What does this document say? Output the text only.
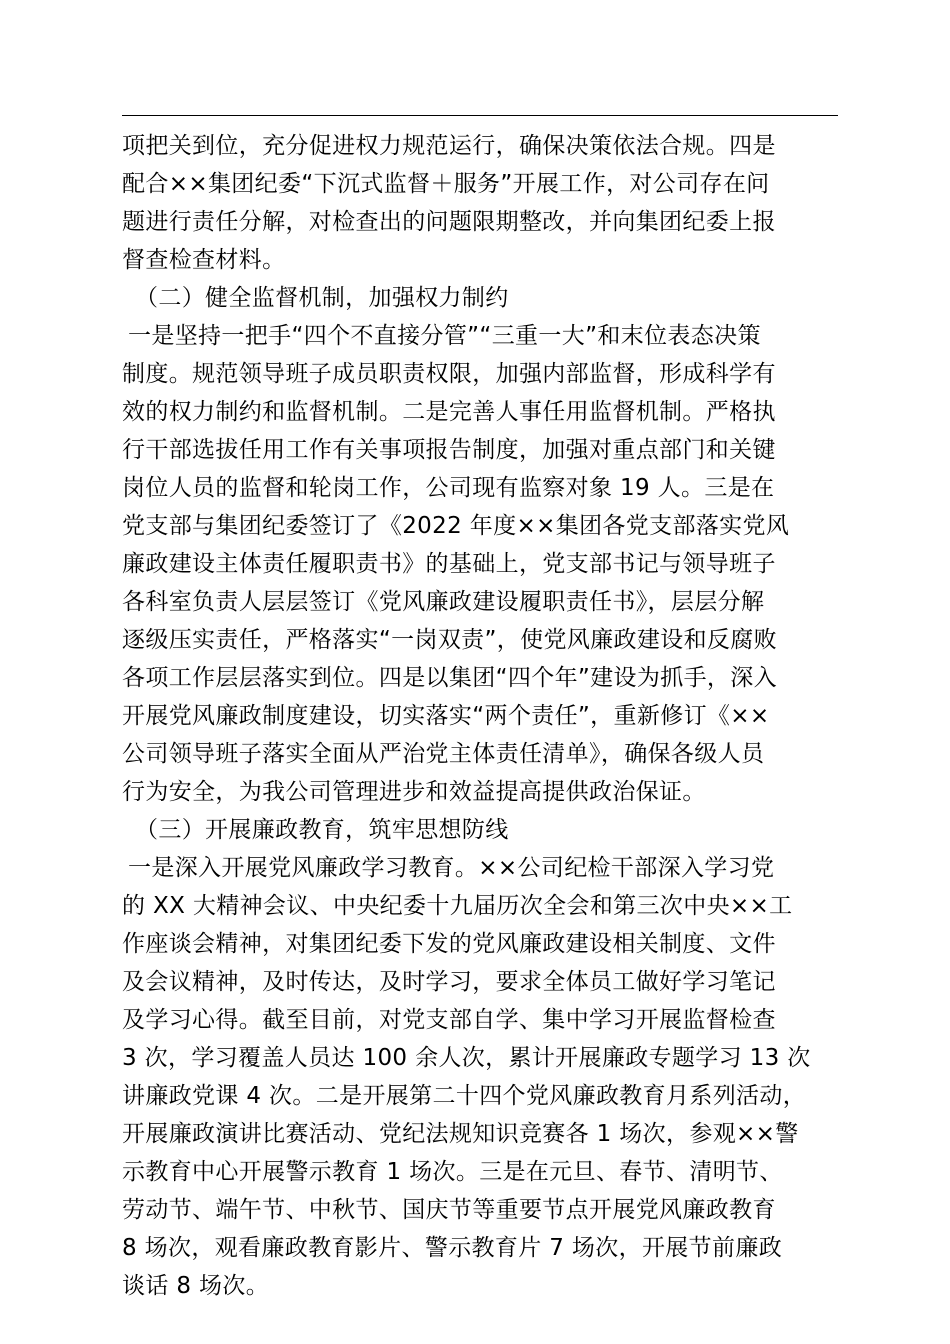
项把关到位，充分促进权力规范运行，确保决策依法合规。四是
配合××集团纪委“下沉式监督＋服务”开展工作，对公司存在问
题进行责任分解，对检查出的问题限期整改，并向集团纪委上报
督查检查材料。
（二）健全监督机制，加强权力制约
一是坚持一把手“四个不直接分管”“三重一大”和末位表态决策
制度。规范领导班子成员职责权限，加强内部监督，形成科学有
效的权力制约和监督机制。二是完善人事任用监督机制。严格执
行干部选拔任用工作有关事项报告制度，加强对重点部门和关键
岗位人员的监督和轮岗工作，公司现有监察对象 19 人。三是在
党支部与集团纪委签订了《2022 年度××集团各党支部落实党风
廉政建设主体责任履职责书》的基础上，党支部书记与领导班子
各科室负责人层层签订《党风廉政建设履职责任书》，层层分解
逐级压实责任，严格落实“一岗双责”，使党风廉政建设和反腐败
各项工作层层落实到位。四是以集团“四个年”建设为抓手，深入
开展党风廉政制度建设，切实落实“两个责任”，重新修订《××
公司领导班子落实全面从严治党主体责任清单》，确保各级人员
行为安全，为我公司管理进步和效益提高提供政治保证。
（三）开展廉政教育，筑牢思想防线
一是深入开展党风廉政学习教育。××公司纪检干部深入学习党
的 XX 大精神会议、中央纪委十九届历次全会和第三次中央××工
作座谈会精神，对集团纪委下发的党风廉政建设相关制度、文件
及会议精神，及时传达，及时学习，要求全体员工做好学习笔记
及学习心得。截至目前，对党支部自学、集中学习开展监督检查
3 次，学习覆盖人员达 100 余人次，累计开展廉政专题学习 13 次
讲廉政党课 4 次。二是开展第二十四个党风廉政教育月系列活动，
开展廉政演讲比赛活动、党纪法规知识竞赛各 1 场次，参观××警
示教育中心开展警示教育 1 场次。三是在元旦、春节、清明节、
劳动节、端午节、中秋节、国庆节等重要节点开展党风廉政教育
8 场次，观看廉政教育影片、警示教育片 7 场次，开展节前廉政
谈话 8 场次。
